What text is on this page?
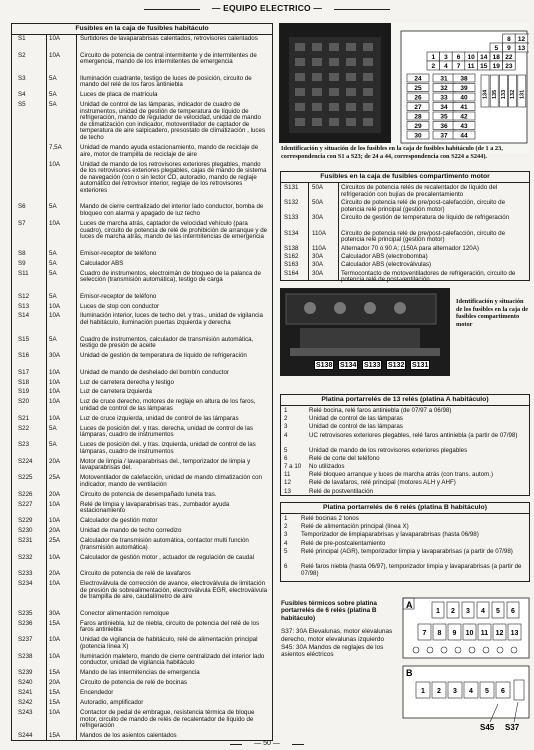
— EQUIPO ELECTRICO —
Fusibles en la caja de fusibles habitáculo
S1	10A	Surtidores de lavaparabrisas calentados, retrovisores calentados
S2	10A	Circuito de potencia de central intermitente y de intermitentes de emergencia, mando de los intermitentes de emergencia
S3	5A	Iluminación cuadrante, testigo de luces de posición, circuito de mando del relé de los faros antiniebla
S4	5A	Luces de placa de matrícula
S5	5A	Unidad de control de las lámparas, indicador de cuadro de instrumentos, unidad de gestión de temperatura de líquido de refrigeración, mando de regulador de velocidad, unidad de mando de climatización con indicador, motoventilador de captador de temperatura de aire salpicadero, presostato de climatización , luces de techo
7,5A	Unidad de mando ayuda estacionamiento, mando de reciclaje de aire, motor de trampilla de reciclaje de aire
10A	Unidad de mando de los retrovisores exteriores plegables, mando de los retrovisores exteriores plegables, cajas de mando de sistema de navegación (con o sin lector CD, autoradio, mando de reglaje automático del retrovisor interior, reglaje de los retrovisores exteriores
S6	5A	Mando de cierre centralizado del interior lado conductor, bomba de bloqueo con alarma y apagado de luz techo
S7	10A	Luces de marcha atrás, captador de velocidad vehículo (para cuadro), circuito de potencia de relé de prohibición de arranque y de luces de marcha atrás, mando de las intermitencias de emergencia
S8	5A	Emisor-receptor de teléfono
S9	5A	Calculador ABS
S11	5A	Cuadro de instrumentos, electroimán de bloqueo de la palanca de selección (transmisión automática), testigo de carga
S12	5A	Emisor-receptor de teléfono
S13	10A	Luces de stop con conductor
S14	10A	Iluminación interior, luces de techo del. y tras., unidad de vigilancia del habitáculo, iluminación puertas izquierda y derecha
S15	5A	Cuadro de instrumentos, calculador de transmisión automática, testigo de presión de aceite
S16	30A	Unidad de gestión de temperatura de líquido de refrigeración
S17	10A	Unidad de mando de deshelado del bombín conductor
S18	10A	Luz de carretera derecha y testigo
S19	10A	Luz de carretera izquierda
S20	10A	Luz de cruce derecho, motores de reglaje en altura de los faros, unidad de control de las lámparas
S21	10A	Luz de cruce izquierda, unidad de control de las lámparas
S22	5A	Luces de posición del. y tras. derecha, unidad de control de las lámparas, cuadro de instrumentos
S23	5A	Luces de posición del. y tras. izquierda, unidad de control de las lámparas, cuadro de instrumentos
S224	20A	Motor de limpia / lavaparabrisas del., temporizador de limpia y lavaparabrisas del.
S225	25A	Motoventilador de calefacción, unidad de mando climatización con indicador, mando de ventilación
S226	20A	Circuito de potencia de desempañado luneta tras.
S227	10A	Relé de limpia y lavaparabrisas tras., zumbador ayuda estacionamiento
S229	10A	Calculador de gestión motor
S230	20A	Unidad de mando de techo corredizo
S231	25A	Calculador de transmisión automática, contactor multi función (transmisión automática)
S232	10A	Calculador de gestión motor , actuador de regulación de caudal
S233	20A	Circuito de potencia de relé de lavafaros
S234	10A	Electroválvula de corrección de avance, electroválvula de limitación de presión de sobrealimentación, electroválvula EGR, electroválvula de trampilla de aire, caudalímetro de aire
S235	30A	Conector alimentación remolque
S236	15A	Faros antiniebla, luz de niebla, circuito de potencia del relé de los faros antiniebla
S237	10A	Unidad de vigilancia de habitáculo, relé de alimentación principal (potencia línea X)
S238	10A	Iluminación maletero, mando de cierre centralizado del interior lado conductor, unidad de vigilancia habitáculo
S239	15A	Mando de las intermitencias de emergencia
S240	20A	Circuito de potencia de relé de bocinas
S241	15A	Encendedor
S242	15A	Autoradio, amplificador
S243	10A	Contactor de pedal de embrague, resistencia térmica de bloque motor, circuito de mando de relés de recalentador de líquido de refrigeración
S244	15A	Mandos de los asientos calentados
8 12
5 9 13
1 3 6 10 14 18 22
2 4 7 11 15 19 23
24
25
26
27
28
29
30
31
32
33
34
35
36
37
38
39
40
41
42
43
44
134 135 133 132 131
Identificación y situación de los fusibles en la caja de fusibles habitáculo (de 1 a 23, correspondencia con S1 a S23; de 24 a 44, correspondencia con S224 a S244).
Fusibles en la caja de fusibles compartimento motor
S131	50A	Circuitos de potencia relés de recalentador de líquido del refrigeración con bujías de precalentamiento
S132	50A	Circuito de potencia relé de pre/post-calefacción, circuito de potencia relé principal (gestión motor)
S133	30A	Circuito de gestión de temperatura de líquido de refrigeración
S134	110A	Circuito de potencia relé de pre/post-calefacción, circuito de potencia relé principal (gestión motor)
S138	110A	Alternador 70 ó 90 A; (150A para alternador 120A)
S162	30A	Calculador ABS (electrobomba)
S163	30A	Calculador ABS (electroválvulas)
S164	30A	Termocontacto de motoventiladores de refrigeración, circuito de potencia relé de post-ventilación
S138 S134 S133 S132 S131
Identificación y situación de los fusibles en la caja de fusibles compartimento motor
Platina portarrelés de 13 relés (platina A habitáculo)
1	Relé bocina, relé faros antiniebla (de 07/97 a 06/98)
2	Unidad de control de las lámparas
3	Unidad de control de las lámparas
4	UC retrovisores exteriores plegables, relé faros antiniebla (a partir de 07/98)
5	Unidad de mando de los retrovisores exteriores plegables
6	Relé de corte del teléfono
7 a 10	No utilizados
11	Relé bloqueo arranque y luces de marcha atrás (con trans. autom.)
12	Relé de lavafaros, relé principal (motores ALH y AHF)
13	Relé de postventilación
Platina portarrelés de 6 relés (platina B habitáculo)
1	Relé bocinas 2 tonos
2	Relé de alimentación principal (línea X)
3	Temporizador de limpiaparabrisas y lavaparabrisas (hasta 06/98)
4	Relé de pre-postcalentamiento
5	Relé principal (AGR), temporizador limpia y lavaparabrisas (a partir de 07/98)
6	Relé faros niebla (hasta 06/97), temporizador limpia y lavaparabrisas (a partir de 07/98)
Fusibles térmicos sobre platina portarrelés de 6 relés (platina B habitáculo)
S37: 30A Elevalunas, motor elevalunas derecho, motor elevalunas izquierdo
S45: 30A Mandos de reglajes de los asientos eléctricos
A
1 2 3 4 5 6
7 8 9 10 11 12 13
B
1 2 3 4 5 6
S45 S37
— 50 —
